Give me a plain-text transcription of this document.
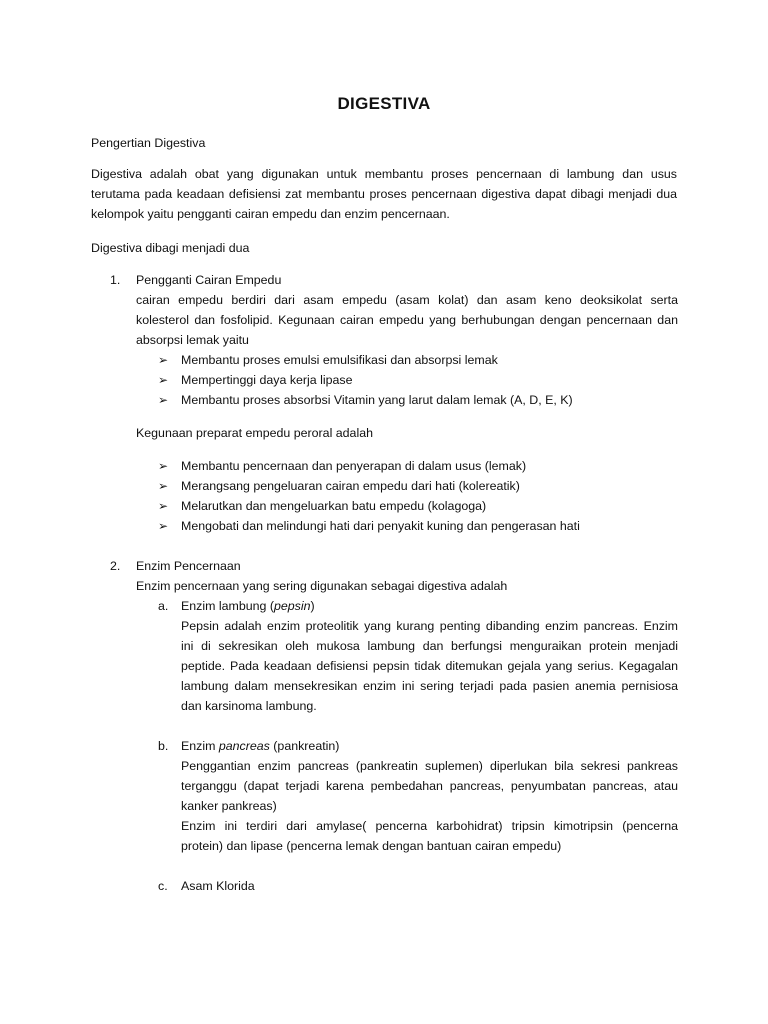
DIGESTIVA
Pengertian Digestiva
Digestiva adalah obat yang digunakan untuk membantu proses pencernaan di lambung dan usus
terutama pada keadaan defisiensi zat membantu proses pencernaan digestiva dapat dibagi menjadi dua
kelompok yaitu pengganti cairan empedu dan enzim pencernaan.
Digestiva dibagi menjadi dua
1.	Pengganti Cairan Empedu
cairan empedu berdiri dari asam empedu (asam kolat) dan asam keno deoksikolat serta
kolesterol dan fosfolipid. Kegunaan cairan empedu yang berhubungan dengan pencernaan dan
absorpsi lemak yaitu
➢ Membantu proses emulsi emulsifikasi dan absorpsi lemak
➢ Mempertinggi daya kerja lipase
➢ Membantu proses absorbsi Vitamin yang larut dalam lemak (A, D, E, K)
Kegunaan preparat empedu peroral adalah
➢ Membantu pencernaan dan penyerapan di dalam usus (lemak)
➢ Merangsang pengeluaran cairan empedu dari hati (kolereatik)
➢ Melarutkan dan mengeluarkan batu empedu (kolagoga)
➢ Mengobati dan melindungi hati dari penyakit kuning dan pengerasan hati
2.	Enzim Pencernaan
Enzim pencernaan yang sering digunakan sebagai digestiva adalah
a.	Enzim lambung (pepsin)
Pepsin adalah enzim proteolitik yang kurang penting dibanding enzim pancreas. Enzim
ini di sekresikan oleh mukosa lambung dan berfungsi menguraikan protein menjadi
peptide. Pada keadaan defisiensi pepsin tidak ditemukan gejala yang serius. Kegagalan
lambung dalam mensekresikan enzim ini sering terjadi pada pasien anemia pernisiosa
dan karsinoma lambung.
b.	Enzim pancreas (pankreatin)
Penggantian enzim pancreas (pankreatin suplemen) diperlukan bila sekresi pankreas
terganggu (dapat terjadi karena pembedahan pancreas, penyumbatan pancreas, atau
kanker pankreas)
Enzim ini terdiri dari amylase( pencerna karbohidrat) tripsin kimotripsin (pencerna
protein) dan lipase (pencerna lemak dengan bantuan cairan empedu)
c.	Asam Klorida
